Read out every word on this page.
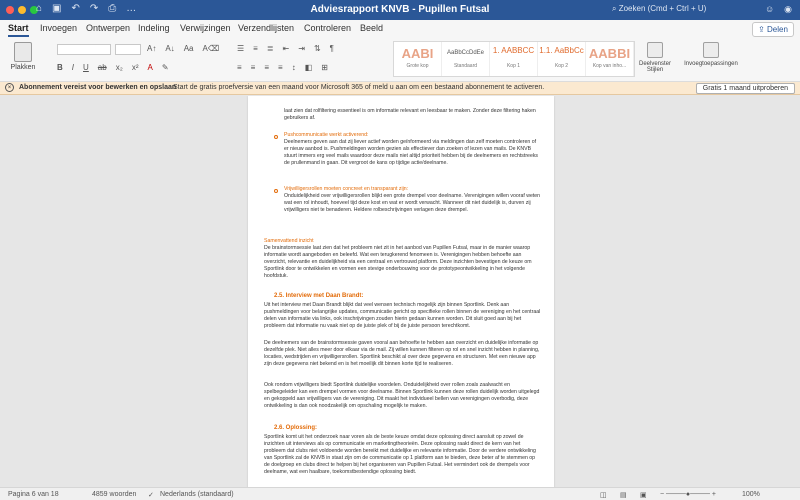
⌂ ▣ ↶ ↷ ⎙ …	Adviesrapport KNVB - Pupillen Futsal	⌕ Zoeken (Cmd + Ctrl + U)	☺ ◉
Start Invoegen Ontwerpen Indeling Verwijzingen Verzendlijsten Controleren Beeld	⇪ Delen
Plakken
A↑ A↓ Aa A⌫
B I U ab x₂ x² A ✎
☰ ≡ ≣ ⇤ ⇥ ⇅ ¶
≡ ≡ ≡ ≡ ↕ ◧ ⊞
AABI
Grote kop
AaBbCcDdEe
Standaard
1. AABBCC
Kop 1
1.1. AaBbCc
Kop 2
AABBI
Kop van inho...	Deelvenster Stijlen
Invoegtoepassingen
×	Abonnement vereist voor bewerken en opslaan
Start de gratis proefversie van een maand voor Microsoft 365 of meld u aan om een bestaand abonnement te activeren.	Gratis 1 maand uitproberen
laat zien dat rolfiltering essentieel is om informatie relevant en leesbaar te maken. Zonder deze filtering haken gebruikers af.
Pushcommunicatie werkt activerend:
Deelnemers geven aan dat zij liever actief worden geïnformeerd via meldingen dan zelf moeten controleren of er nieuw aanbod is. Pushmeldingen worden gezien als effectiever dan zoeken of lezen van mails. De KNVB stuurt immers erg veel mails waardoor deze mails niet altijd prioriteit hebben bij de deelnemers en rechtstreeks de prullenmand in gaan. Dit vergroot de kans op tijdige actie/deelname.
Vrijwilligersrollen moeten concreet en transparant zijn:
Onduidelijkheid over vrijwilligersrollen blijkt een grote drempel voor deelname. Verenigingen willen vooraf weten wat een rol inhoudt, hoeveel tijd deze kost en wat er wordt verwacht. Wanneer dit niet duidelijk is, durven zij vrijwilligers niet te benaderen. Heldere rolbeschrijvingen verlagen deze drempel.
Samenvattend inzicht
De brainstormsessie laat zien dat het probleem niet zit in het aanbod van Pupillen Futsal, maar in de manier waarop informatie wordt aangeboden en beleefd. Wat een terugkerend fenomeen is. Verenigingen hebben behoefte aan overzicht, relevantie en duidelijkheid via een centraal en vertrouwd platform. Deze inzichten bevestigen de keuze om Sportlink door te ontwikkelen en vormen een stevige onderbouwing voor de prototypeontwikkeling in het volgende hoofdstuk.
2.5. Interview met Daan Brandt:
Uit het interview met Daan Brandt blijkt dat veel wensen technisch mogelijk zijn binnen Sportlink. Denk aan pushmeldingen voor belangrijke updates, communicatie gericht op specifieke rollen binnen de vereniging en het centraal delen van informatie via links, ook inschrijvingen zouden hierin gedaan kunnen worden. Dit sluit goed aan bij het probleem dat informatie nu vaak niet op de juiste plek of bij de juiste persoon terechtkomt.
De deelnemers van de brainstormsessie gaven vooral aan behoefte te hebben aan overzicht en duidelijke informatie op dezelfde plek. Niet alles meer door elkaar via de mail. Zij willen kunnen filteren op rol en snel inzicht hebben in planning, locaties, wedstrijden en vrijwilligersrollen. Sportlink beschikt al over deze gegevens en structuren. Met een nieuwe app zijn deze gegevens niet bekend en is het moeilijk dit binnen korte tijd te realiseren.
Ook rondom vrijwilligers biedt Sportlink duidelijke voordelen. Onduidelijkheid over rollen zoals zaalwacht en spelbegeleider kan een drempel vormen voor deelname. Binnen Sportlink kunnen deze rollen duidelijk worden uitgelegd en gekoppeld aan vrijwilligers van de vereniging. Dit maakt het individueel bellen van verenigingen overbodig, deze ontwikkeling is dan ook noodzakelijk om opschaling mogelijk te maken.
2.6. Oplossing:
Sportlink komt uit het onderzoek naar voren als de beste keuze omdat deze oplossing direct aansluit op zowel de inzichten uit interviews als op communicatie en marketingtheorieën. Deze oplossing raakt direct de kern van het probleem dat clubs niet voldoende worden bereikt met duidelijke en relevante informatie. Door de verdere ontwikkeling van Sportlink zal de KNVB in staat zijn om de communicatie op 1 platform aan te bieden, deze beter af te stemmen op de doelgroep en clubs direct te helpen bij het organiseren van Pupillen Futsal. Het vermindert ook de drempels voor deelname, wat een haalbare, toekomstbestendige oplossing biedt.
Pagina 6 van 18	4859 woorden ✓ Nederlands (standaard)	◫ ▤ ▣ − ────●──── +	100%
